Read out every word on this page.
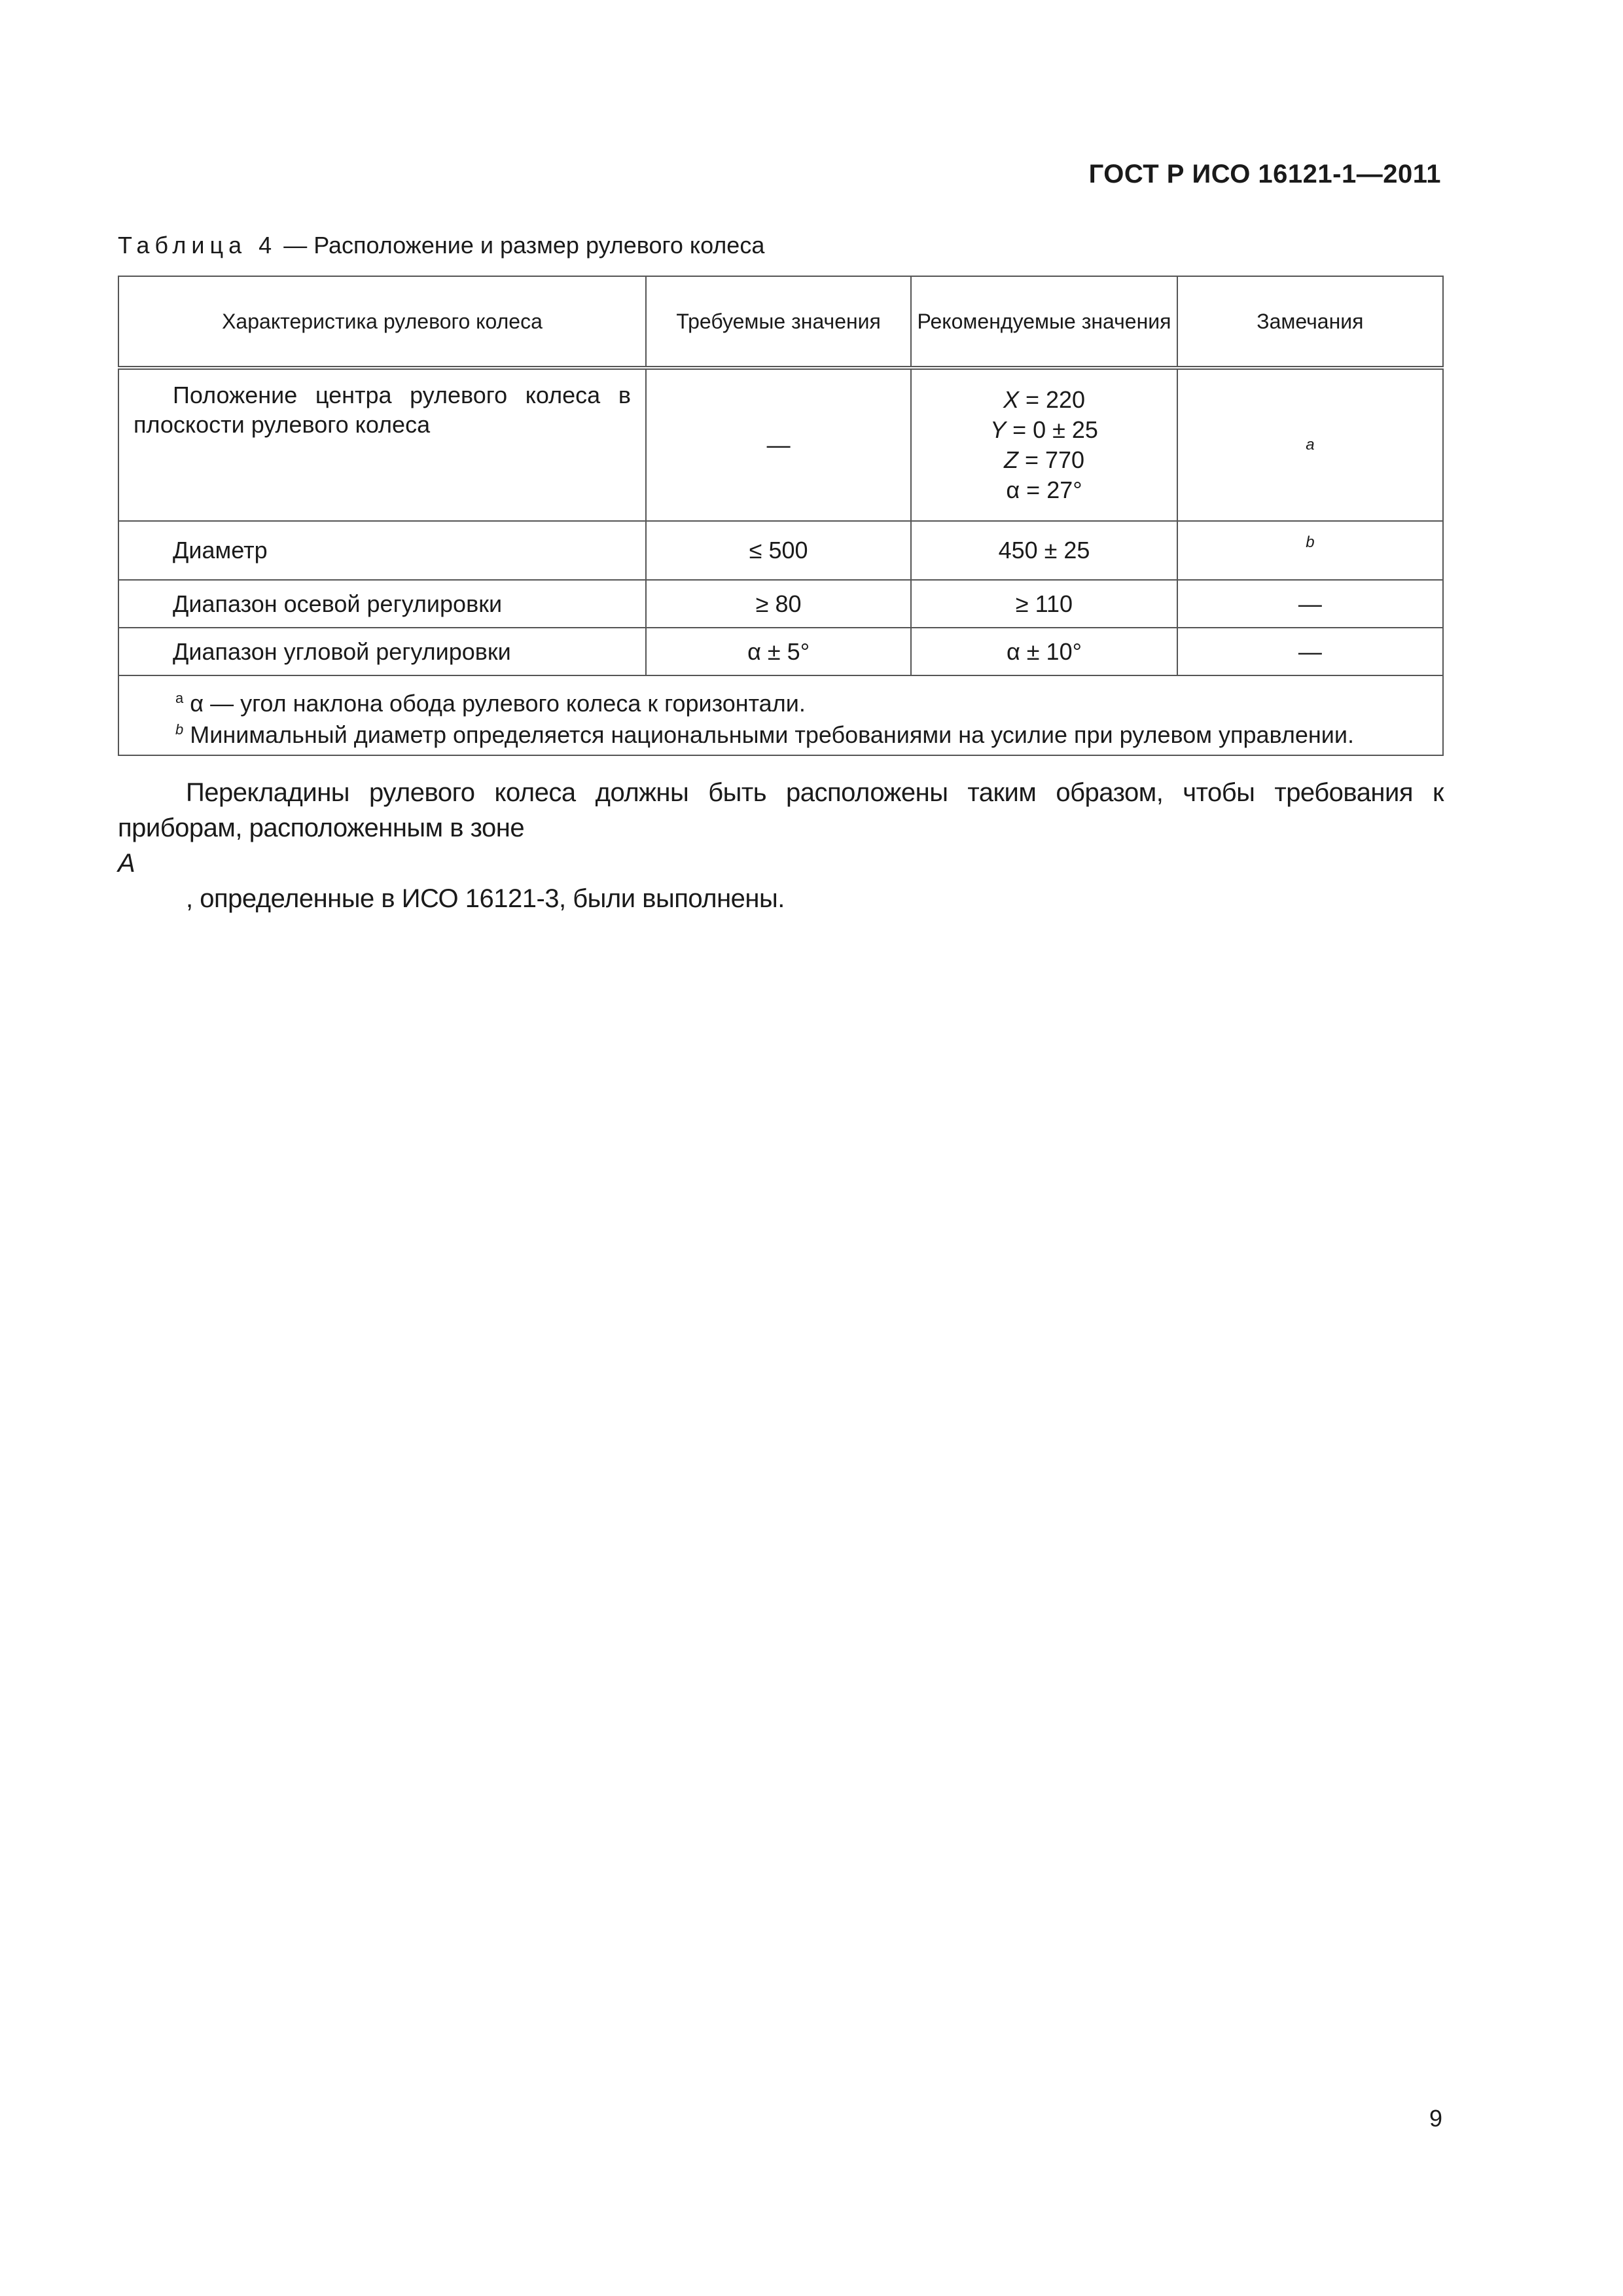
ГОСТ Р ИСО 16121-1—2011
Таблица 4 — Расположение и размер рулевого колеса
Характеристика рулевого колеса	Требуемые значения	Рекомендуемые значения	Замечания

Положение центра рулевого колеса в плоскости рулевого колеса	—	X = 220
Y = 0 ± 25
Z = 770
α = 27°	a
Диаметр	≤ 500	450 ± 25	b
Диапазон осевой регулировки	≥ 80	≥ 110	—
Диапазон угловой регулировки	α ± 5°	α ± 10°	—

$^a$ α — угол наклона обода рулевого колеса к горизонтали.
$^b$ Минимальный диаметр определяется национальными требованиями на усилие при рулевом управлении.			
Перекладины рулевого колеса должны быть расположены таким образом, чтобы требования к приборам, расположенным в зоне
A
, определенные в ИСО 16121-3, были выполнены.
9
